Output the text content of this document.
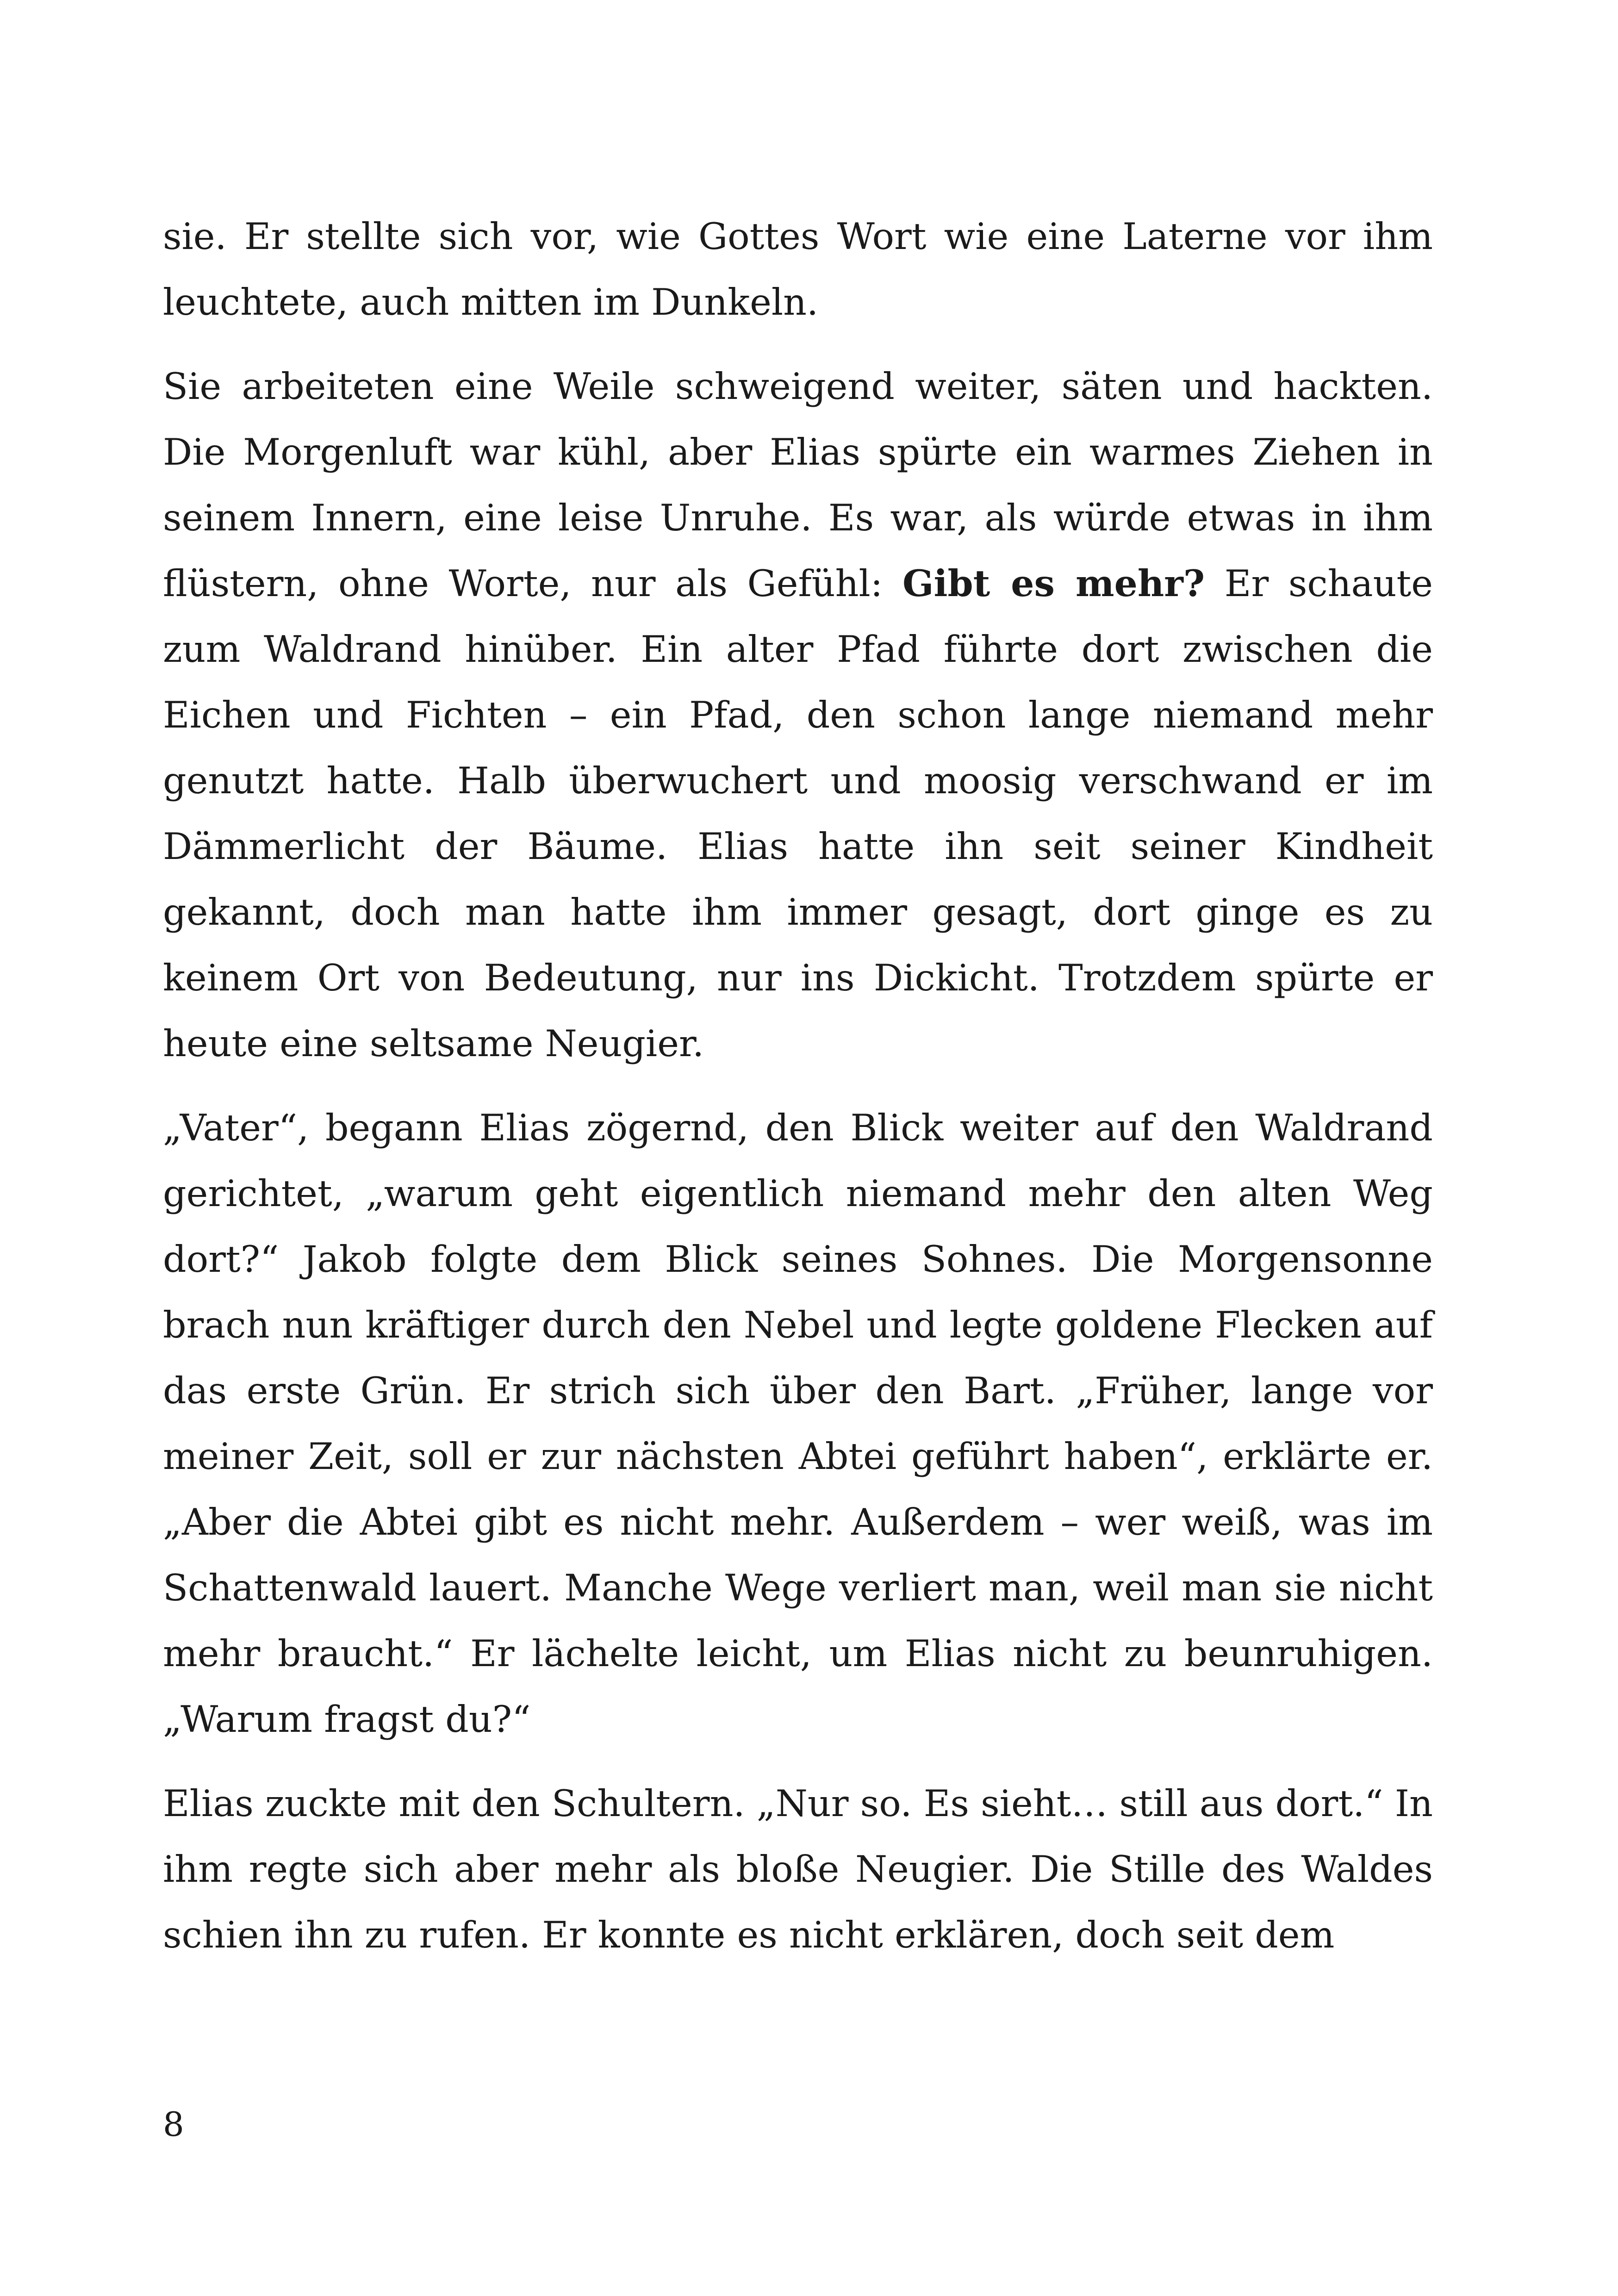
sie. Er stellte sich vor, wie Gottes Wort wie eine Laterne vor ihm leuchtete, auch mitten im Dunkeln.

Sie arbeiteten eine Weile schweigend weiter, säten und hackten. Die Morgenluft war kühl, aber Elias spürte ein warmes Ziehen in seinem Innern, eine leise Unruhe. Es war, als würde etwas in ihm flüstern, ohne Worte, nur als Gefühl: Gibt es mehr? Er schaute zum Waldrand hinüber. Ein alter Pfad führte dort zwischen die Eichen und Fichten – ein Pfad, den schon lange niemand mehr genutzt hatte. Halb überwuchert und moosig verschwand er im Dämmerlicht der Bäume. Elias hatte ihn seit seiner Kindheit gekannt, doch man hatte ihm immer gesagt, dort ginge es zu keinem Ort von Bedeutung, nur ins Dickicht. Trotzdem spürte er heute eine seltsame Neugier.

„Vater“, begann Elias zögernd, den Blick weiter auf den Waldrand gerichtet, „warum geht eigentlich niemand mehr den alten Weg dort?“ Jakob folgte dem Blick seines Sohnes. Die Morgensonne brach nun kräftiger durch den Nebel und legte goldene Flecken auf das erste Grün. Er strich sich über den Bart. „Früher, lange vor meiner Zeit, soll er zur nächsten Abtei geführt haben“, erklärte er. „Aber die Abtei gibt es nicht mehr. Außerdem – wer weiß, was im Schattenwald lauert. Manche Wege verliert man, weil man sie nicht mehr braucht.“ Er lächelte leicht, um Elias nicht zu beunruhigen. „Warum fragst du?“

Elias zuckte mit den Schultern. „Nur so. Es sieht… still aus dort.“ In ihm regte sich aber mehr als bloße Neugier. Die Stille des Waldes schien ihn zu rufen. Er konnte es nicht erklären, doch seit dem

8
